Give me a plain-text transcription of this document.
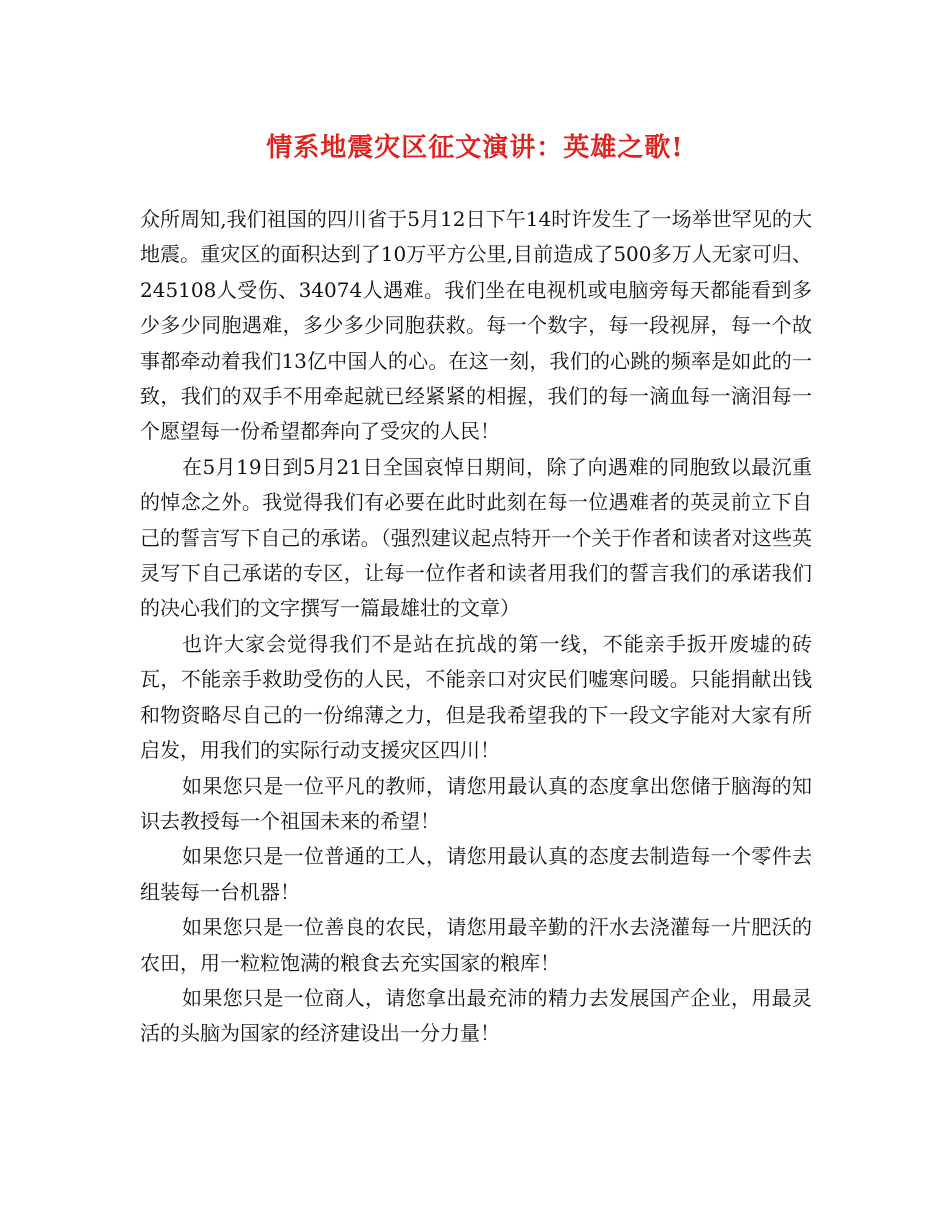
情系地震灾区征文演讲：英雄之歌!

众所周知,我们祖国的四川省于5月12日下午14时许发生了一场举世罕见的大地震。重灾区的面积达到了10万平方公里,目前造成了500多万人无家可归、245108人受伤、34074人遇难。我们坐在电视机或电脑旁每天都能看到多少多少同胞遇难，多少多少同胞获救。每一个数字，每一段视屏，每一个故事都牵动着我们13亿中国人的心。在这一刻，我们的心跳的频率是如此的一致，我们的双手不用牵起就已经紧紧的相握，我们的每一滴血每一滴泪每一个愿望每一份希望都奔向了受灾的人民！

在5月19日到5月21日全国哀悼日期间，除了向遇难的同胞致以最沉重的悼念之外。我觉得我们有必要在此时此刻在每一位遇难者的英灵前立下自己的誓言写下自己的承诺。（强烈建议起点特开一个关于作者和读者对这些英灵写下自己承诺的专区，让每一位作者和读者用我们的誓言我们的承诺我们的决心我们的文字撰写一篇最雄壮的文章）

也许大家会觉得我们不是站在抗战的第一线，不能亲手扳开废墟的砖瓦，不能亲手救助受伤的人民，不能亲口对灾民们嘘寒问暖。只能捐献出钱和物资略尽自己的一份绵薄之力，但是我希望我的下一段文字能对大家有所启发，用我们的实际行动支援灾区四川！

如果您只是一位平凡的教师，请您用最认真的态度拿出您储于脑海的知识去教授每一个祖国未来的希望！

如果您只是一位普通的工人，请您用最认真的态度去制造每一个零件去组装每一台机器！

如果您只是一位善良的农民，请您用最辛勤的汗水去浇灌每一片肥沃的农田，用一粒粒饱满的粮食去充实国家的粮库！

如果您只是一位商人，请您拿出最充沛的精力去发展国产企业，用最灵活的头脑为国家的经济建设出一分力量！
